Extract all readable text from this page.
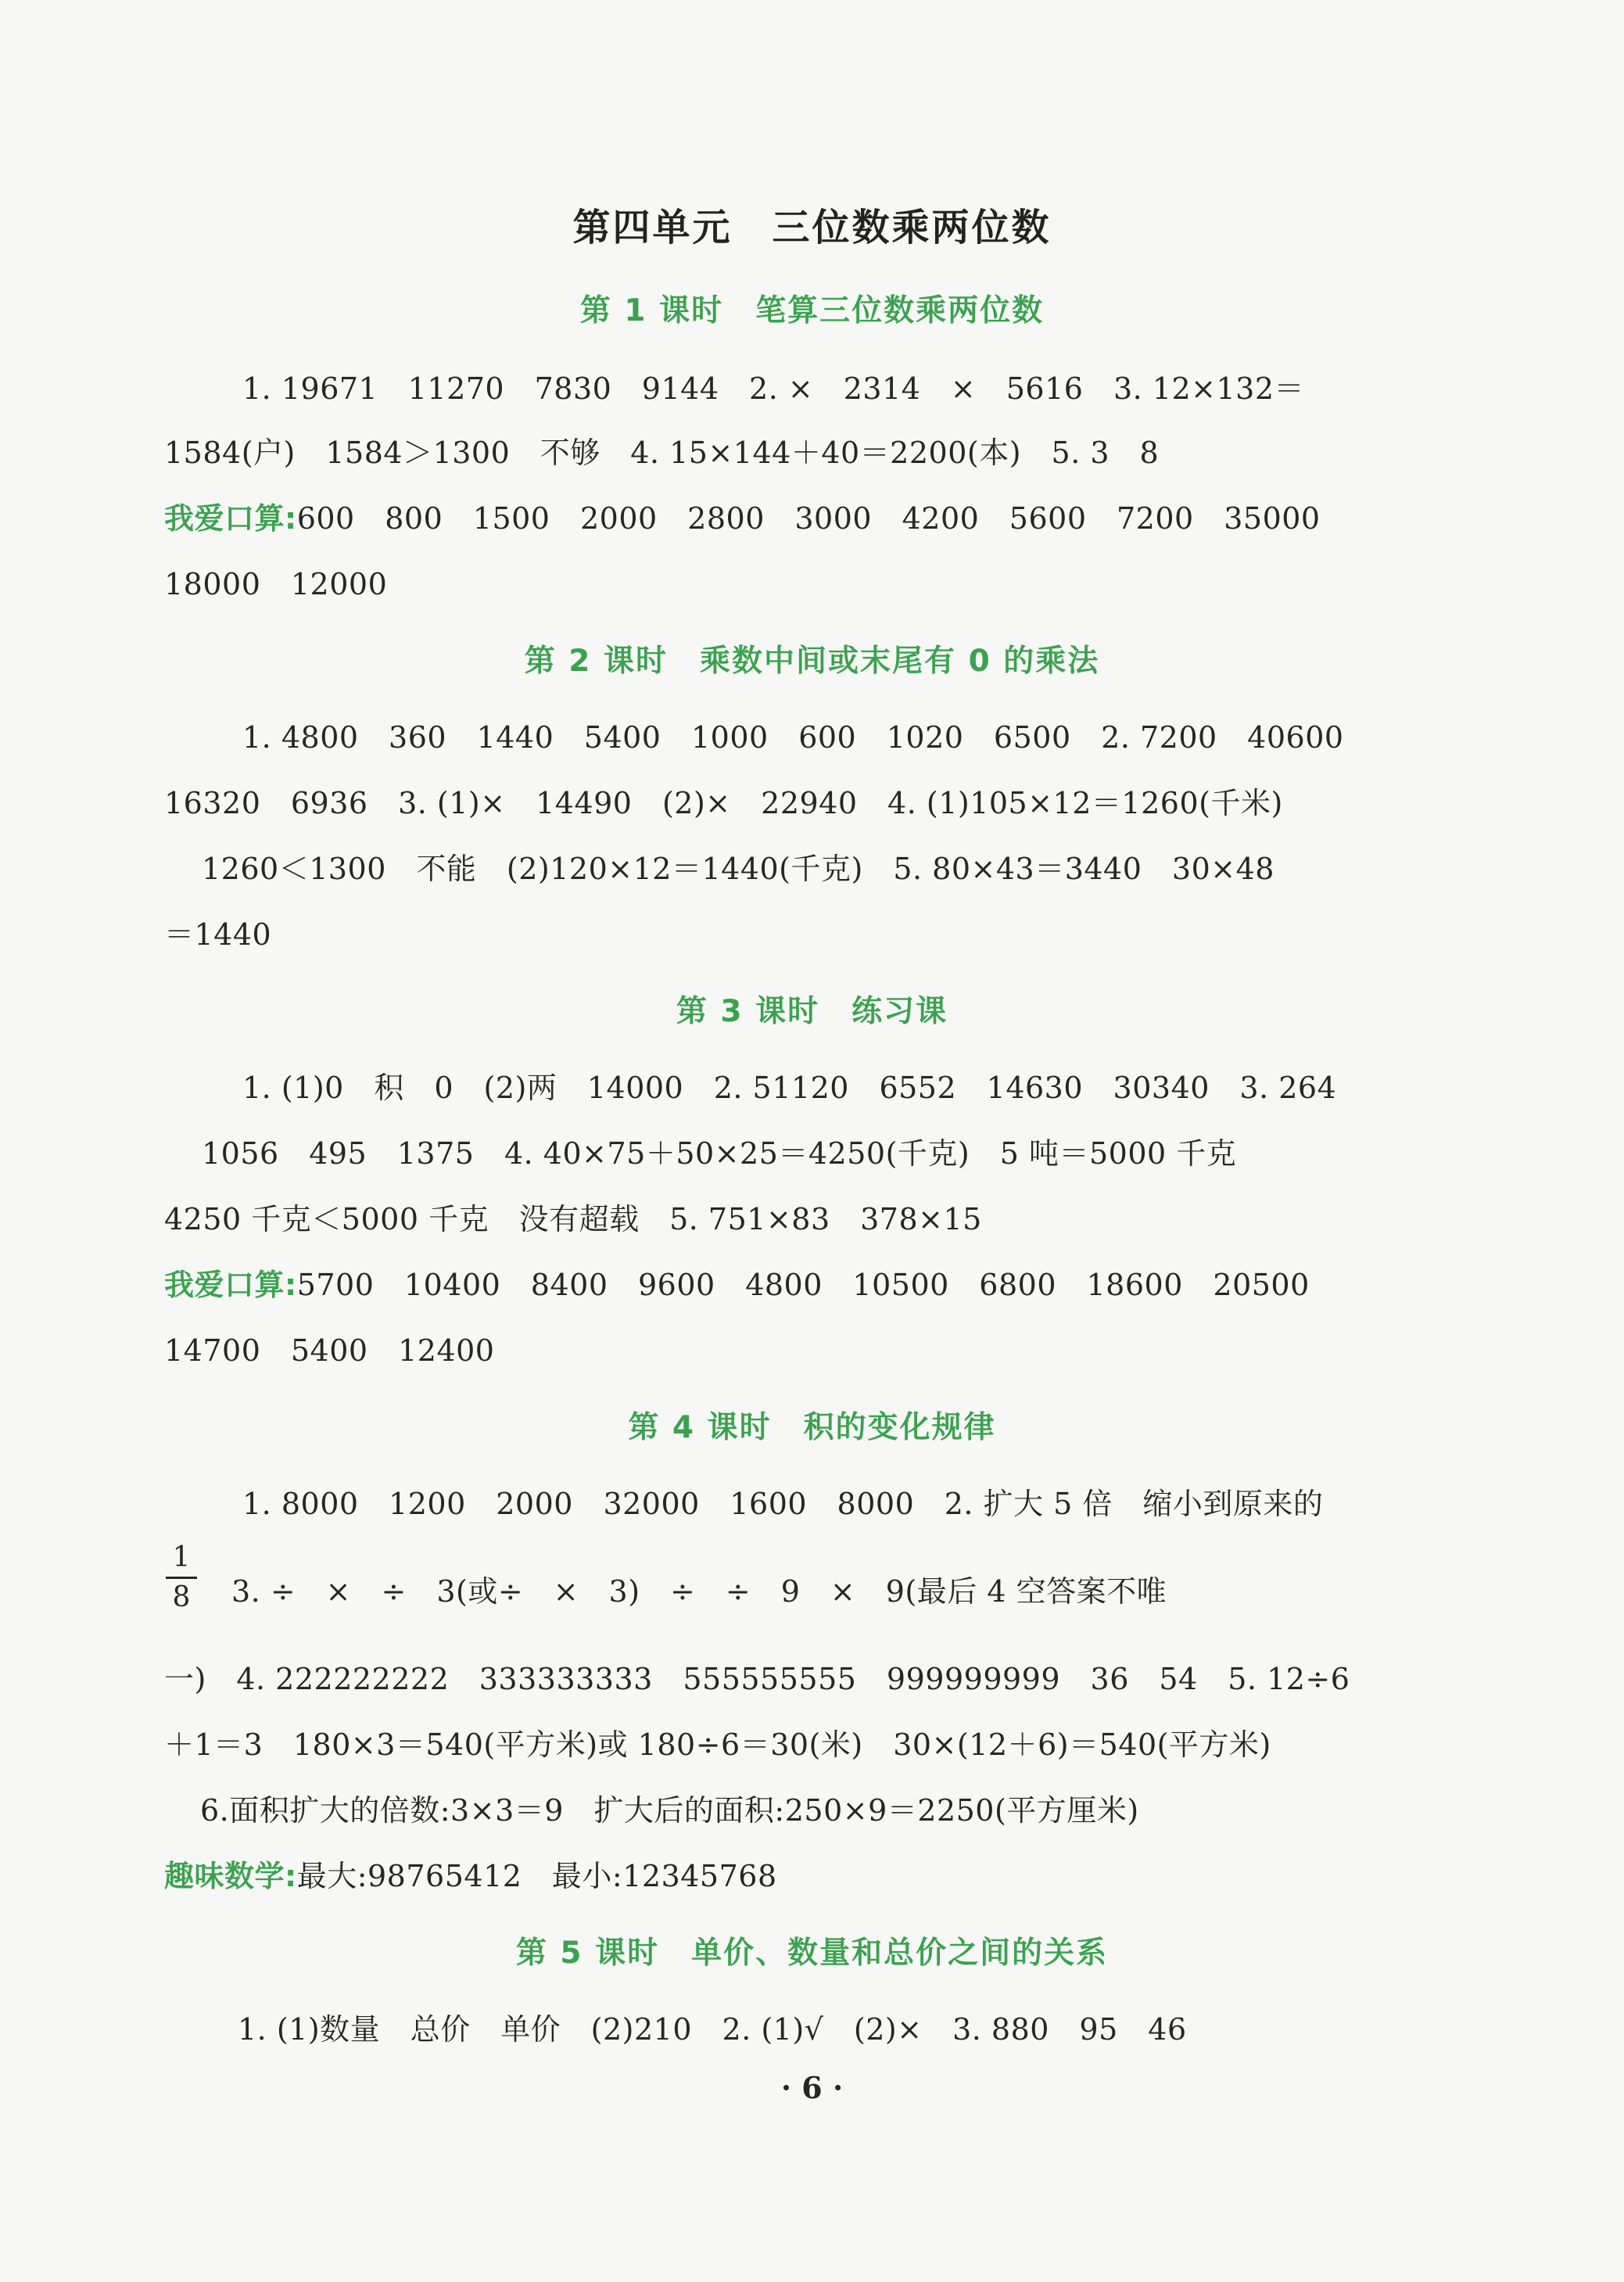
第四单元　三位数乘两位数
第 1 课时　笔算三位数乘两位数
1. 19671　11270　7830　9144　2. ×　2314　×　5616　3. 12×132＝
1584(户)　1584＞1300　不够　4. 15×144＋40＝2200(本)　5. 3　8
我爱口算:600　800　1500　2000　2800　3000　4200　5600　7200　35000
18000　12000
第 2 课时　乘数中间或末尾有 0 的乘法
1. 4800　360　1440　5400　1000　600　1020　6500　2. 7200　40600
16320　6936　3. (1)×　14490　(2)×　22940　4. (1)105×12＝1260(千米)
1260＜1300　不能　(2)120×12＝1440(千克)　5. 80×43＝3440　30×48
＝1440
第 3 课时　练习课
1. (1)0　积　0　(2)两　14000　2. 51120　6552　14630　30340　3. 264
1056　495　1375　4. 40×75＋50×25＝4250(千克)　5 吨＝5000 千克
4250 千克＜5000 千克　没有超载　5. 751×83　378×15
我爱口算:5700　10400　8400　9600　4800　10500　6800　18600　20500
14700　5400　12400
第 4 课时　积的变化规律
1. 8000　1200　2000　32000　1600　8000　2. 扩大 5 倍　缩小到原来的
1
8 3. ÷　×　÷　3(或÷　×　3)　÷　÷　9　×　9(最后 4 空答案不唯
一)　4. 222222222　333333333　555555555　999999999　36　54　5. 12÷6
＋1＝3　180×3＝540(平方米)或 180÷6＝30(米)　30×(12＋6)＝540(平方米)
6.面积扩大的倍数:3×3＝9　扩大后的面积:250×9＝2250(平方厘米)
趣味数学:最大:98765412　最小:12345768
第 5 课时　单价、数量和总价之间的关系
1. (1)数量　总价　单价　(2)210　2. (1)√　(2)×　3. 880　95　46
· 6 ·
